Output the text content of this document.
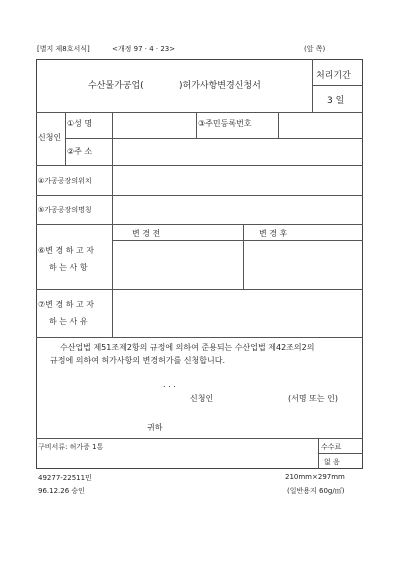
[별지 제8호서식]	<개정 97 · 4 · 23>	(앞 쪽)
수산물가공업(	)허가사항변경신청서
처리기간
3 일
신청인
①성 명	③주민등록번호
②주 소
④가공공장의위치
⑤가공공장의명칭
변 경 전	변 경 후
⑥변 경 하 고 자
하 는 사 항
⑦변 경 하 고 자
하 는 사 유
수산업법 제51조제2항의 규정에 의하여 준용되는 수산업법 제42조의2의
규정에 의하여 허가사항의 변경허가를 신청합니다.
. . .
신청인	(서명 또는 인)
귀하
구비서류: 허가증 1통	수수료
없 음
49277-22511민
96.12.26 승인
210mm×297mm
(일반용지 60g/㎡)
